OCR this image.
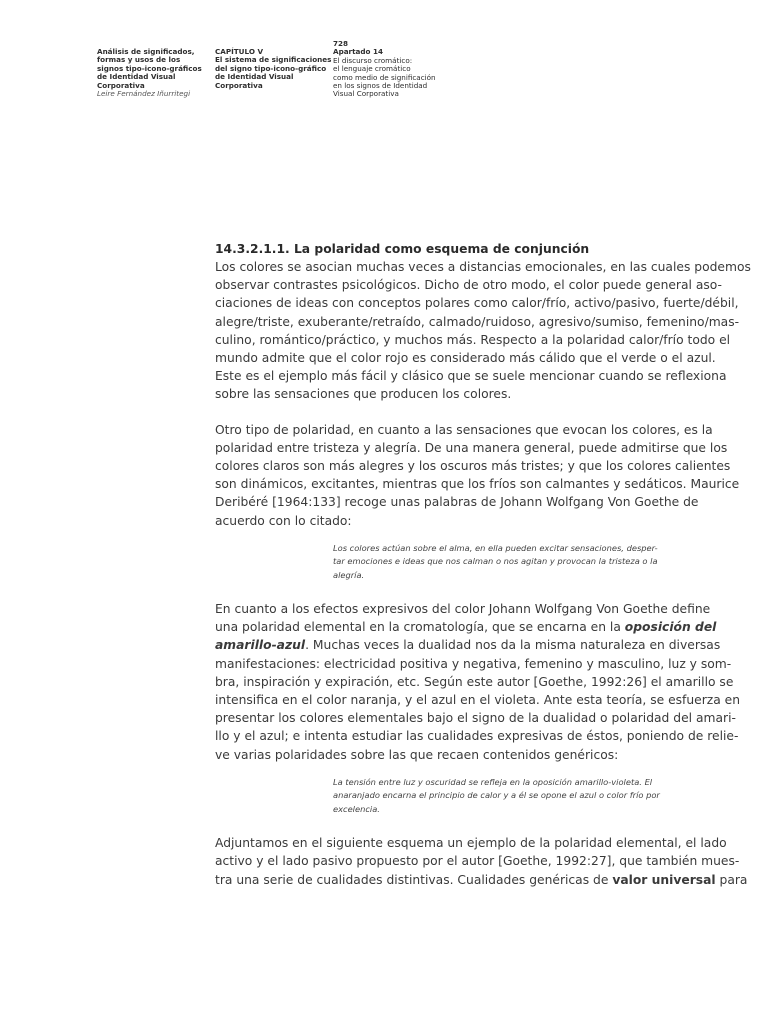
Análisis de significados,
formas y usos de los
signos tipo-icono-gráficos
de Identidad Visual
Corporativa
Leire Fernández Iñurritegi
CAPÍTULO V
El sistema de significaciones
del signo tipo-icono-gráfico
de Identidad Visual
Corporativa
728
Apartado 14
El discurso cromático:
el lenguaje cromático
como medio de significación
en los signos de Identidad
Visual Corporativa
14.3.2.1.1. La polaridad como esquema de conjunción

Los colores se asocian muchas veces a distancias emocionales, en las cuales podemos
observar contrastes psicológicos. Dicho de otro modo, el color puede general aso-
ciaciones de ideas con conceptos polares como calor/frío, activo/pasivo, fuerte/débil,
alegre/triste, exuberante/retraído, calmado/ruidoso, agresivo/sumiso, femenino/mas-
culino, romántico/práctico, y muchos más. Respecto a la polaridad calor/frío todo el
mundo admite que el color rojo es considerado más cálido que el verde o el azul.
Este es el ejemplo más fácil y clásico que se suele mencionar cuando se reflexiona
sobre las sensaciones que producen los colores.

Otro tipo de polaridad, en cuanto a las sensaciones que evocan los colores, es la
polaridad entre tristeza y alegría. De una manera general, puede admitirse que los
colores claros son más alegres y los oscuros más tristes; y que los colores calientes
son dinámicos, excitantes, mientras que los fríos son calmantes y sedáticos. Maurice
Deribéré [1964:133] recoge unas palabras de Johann Wolfgang Von Goethe de
acuerdo con lo citado:

Los colores actúan sobre el alma, en ella pueden excitar sensaciones, desper-
tar emociones e ideas que nos calman o nos agitan y provocan la tristeza o la
alegría.

En cuanto a los efectos expresivos del color Johann Wolfgang Von Goethe define
una polaridad elemental en la cromatología, que se encarna en la oposición del
amarillo-azul. Muchas veces la dualidad nos da la misma naturaleza en diversas
manifestaciones: electricidad positiva y negativa, femenino y masculino, luz y som-
bra, inspiración y expiración, etc. Según este autor [Goethe, 1992:26] el amarillo se
intensifica en el color naranja, y el azul en el violeta. Ante esta teoría, se esfuerza en
presentar los colores elementales bajo el signo de la dualidad o polaridad del amari-
llo y el azul; e intenta estudiar las cualidades expresivas de éstos, poniendo de relie-
ve varias polaridades sobre las que recaen contenidos genéricos:

La tensión entre luz y oscuridad se refleja en la oposición amarillo-violeta. El
anaranjado encarna el principio de calor y a él se opone el azul o color frío por
excelencia.

Adjuntamos en el siguiente esquema un ejemplo de la polaridad elemental, el lado
activo y el lado pasivo propuesto por el autor [Goethe, 1992:27], que también mues-
tra una serie de cualidades distintivas. Cualidades genéricas de valor universal para
